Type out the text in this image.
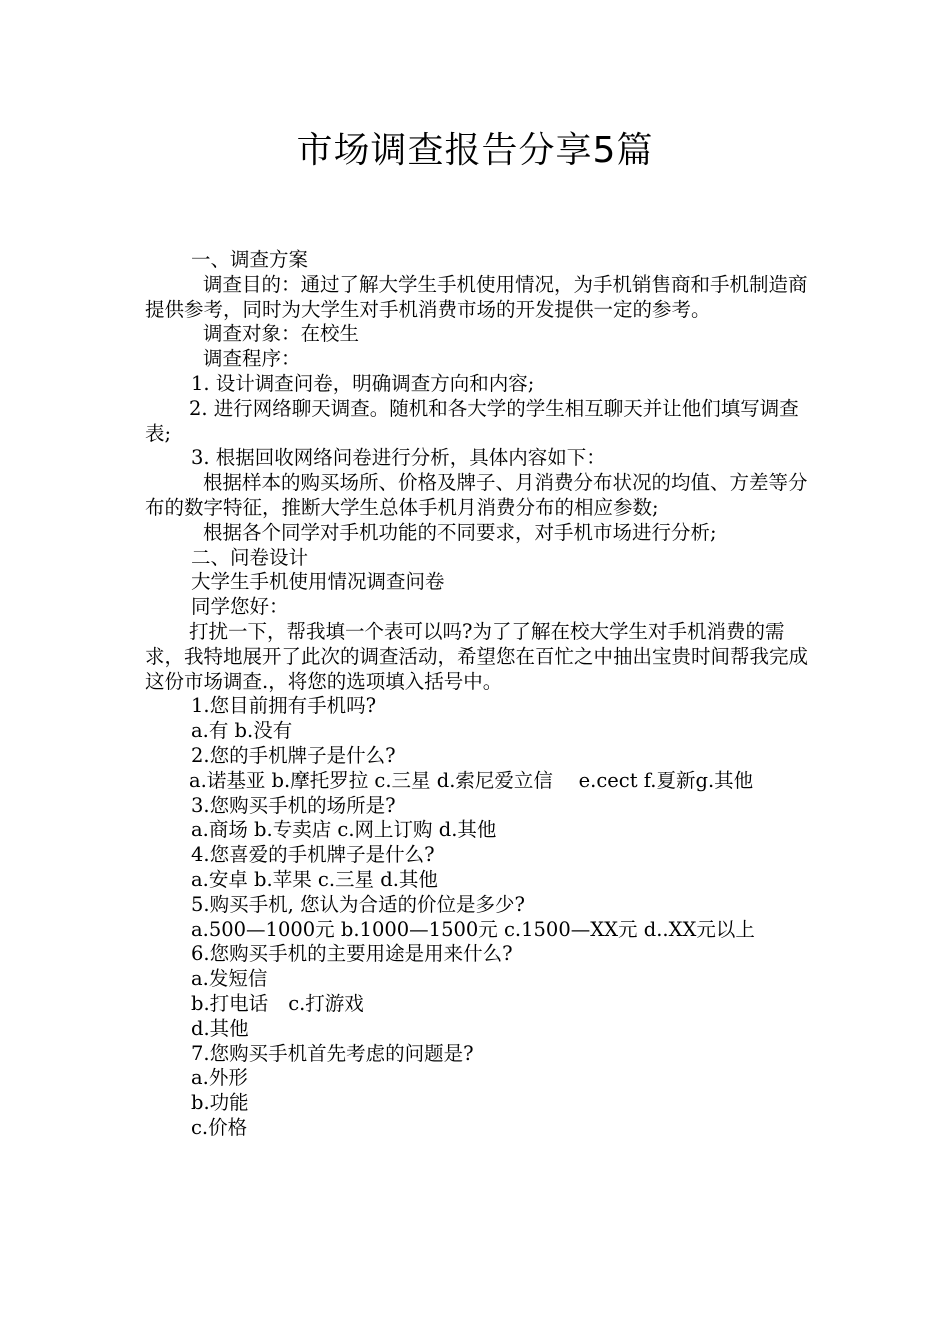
市场调查报告分享5篇
一、调查方案
调查目的：通过了解大学生手机使用情况，为手机销售商和手机制造商提供参考，同时为大学生对手机消费市场的开发提供一定的参考。
调查对象：在校生
调查程序：
1. 设计调查问卷，明确调查方向和内容;
2. 进行网络聊天调查。随机和各大学的学生相互聊天并让他们填写调查表;
3. 根据回收网络问卷进行分析，具体内容如下：
根据样本的购买场所、价格及牌子、月消费分布状况的均值、方差等分布的数字特征，推断大学生总体手机月消费分布的相应参数;
根据各个同学对手机功能的不同要求，对手机市场进行分析;
二、问卷设计
大学生手机使用情况调查问卷
同学您好：
打扰一下，帮我填一个表可以吗?为了了解在校大学生对手机消费的需求，我特地展开了此次的调查活动，希望您在百忙之中抽出宝贵时间帮我完成这份市场调查.，将您的选项填入括号中。
1.您目前拥有手机吗?
a.有 b.没有
2.您的手机牌子是什么?
a.诺基亚 b.摩托罗拉 c.三星 d.索尼爱立信　 e.cect f.夏新g.其他
3.您购买手机的场所是?
a.商场 b.专卖店 c.网上订购 d.其他
4.您喜爱的手机牌子是什么?
a.安卓 b.苹果 c.三星 d.其他
5.购买手机, 您认为合适的价位是多少?
a.500—1000元 b.1000—1500元 c.1500—XX元 d..XX元以上
6.您购买手机的主要用途是用来什么?
a.发短信
b.打电话 c.打游戏
d.其他
7.您购买手机首先考虑的问题是?
a.外形
b.功能
c.价格
